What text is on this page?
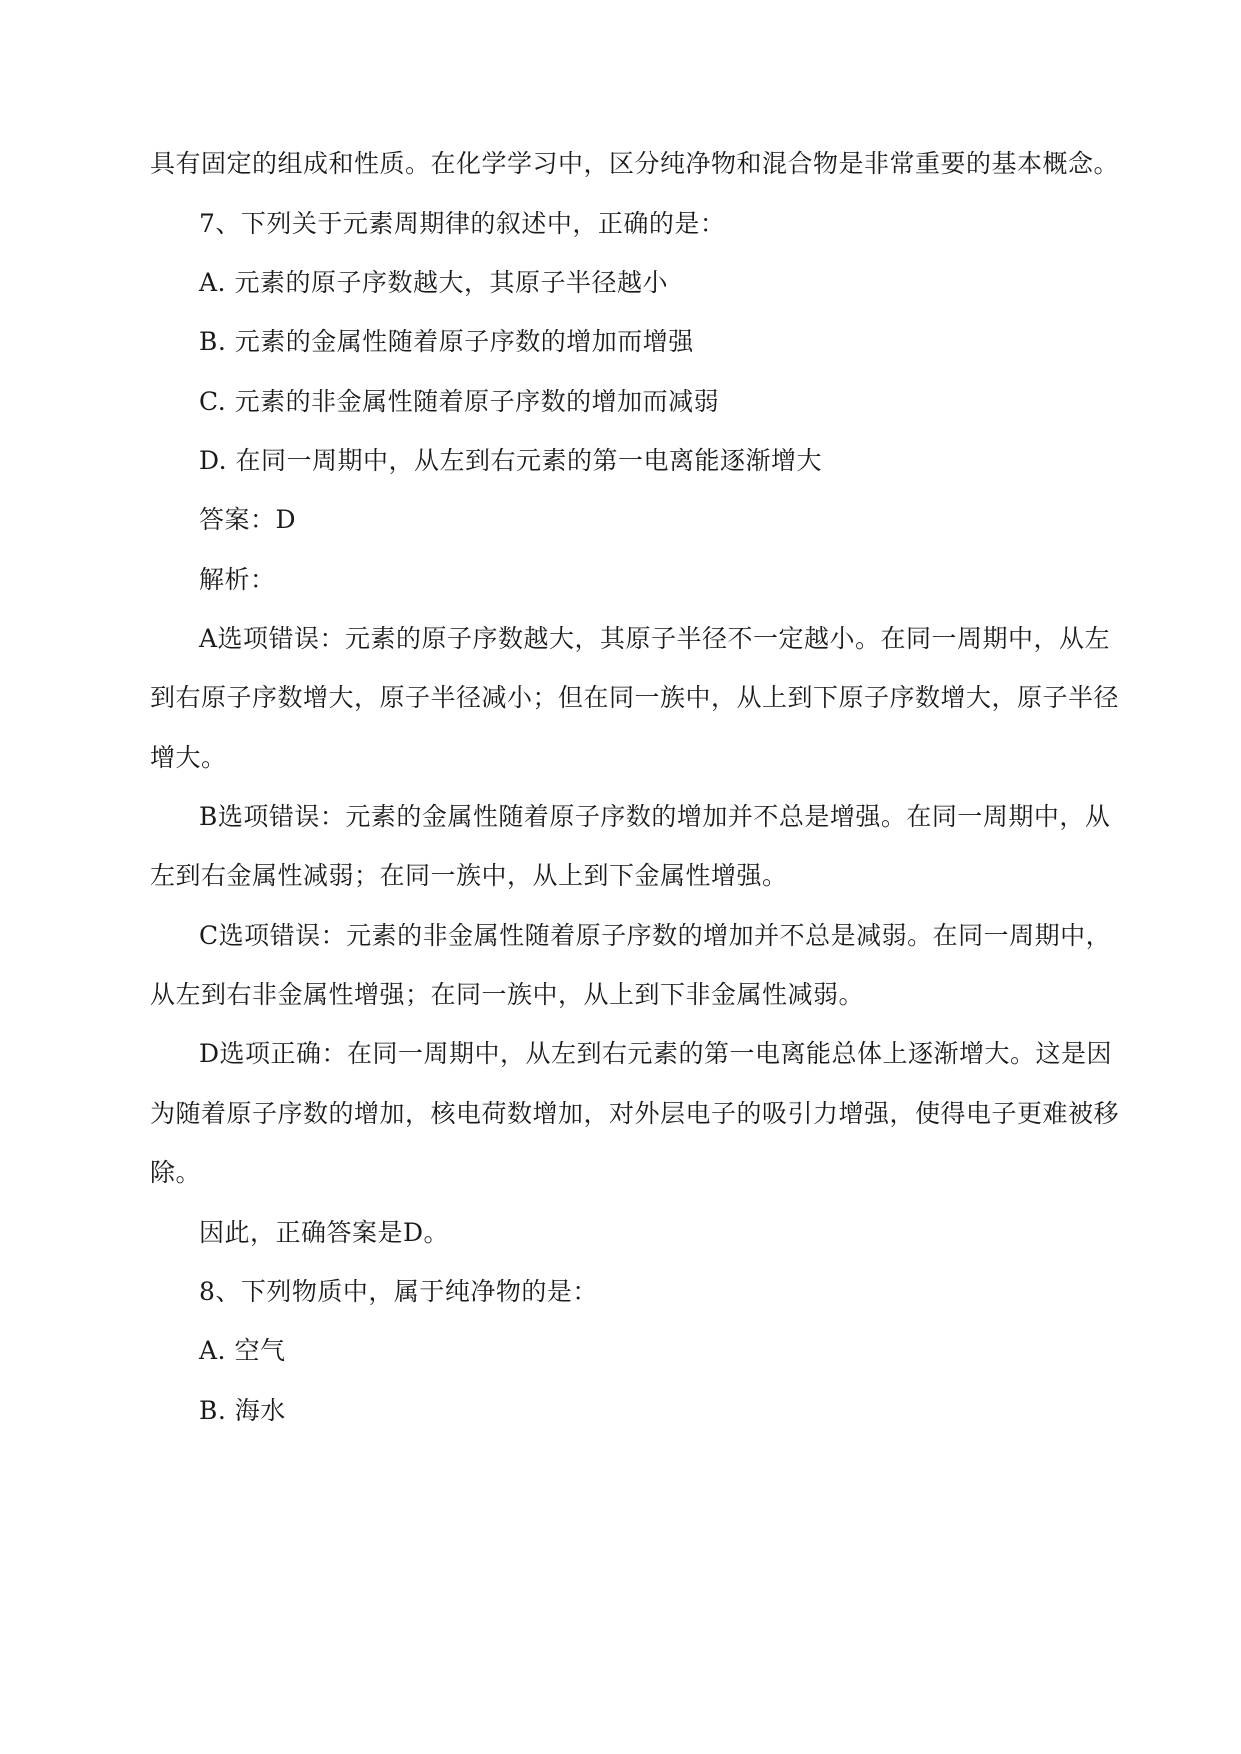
具有固定的组成和性质。在化学学习中，区分纯净物和混合物是非常重要的基本概念。
7、下列关于元素周期律的叙述中，正确的是：
A. 元素的原子序数越大，其原子半径越小
B. 元素的金属性随着原子序数的增加而增强
C. 元素的非金属性随着原子序数的增加而减弱
D. 在同一周期中，从左到右元素的第一电离能逐渐增大
答案：D
解析：
A选项错误：元素的原子序数越大，其原子半径不一定越小。在同一周期中，从左
到右原子序数增大，原子半径减小；但在同一族中，从上到下原子序数增大，原子半径
增大。
B选项错误：元素的金属性随着原子序数的增加并不总是增强。在同一周期中，从
左到右金属性减弱；在同一族中，从上到下金属性增强。
C选项错误：元素的非金属性随着原子序数的增加并不总是减弱。在同一周期中，
从左到右非金属性增强；在同一族中，从上到下非金属性减弱。
D选项正确：在同一周期中，从左到右元素的第一电离能总体上逐渐增大。这是因
为随着原子序数的增加，核电荷数增加，对外层电子的吸引力增强，使得电子更难被移
除。
因此，正确答案是D。
8、下列物质中，属于纯净物的是：
A. 空气
B. 海水
